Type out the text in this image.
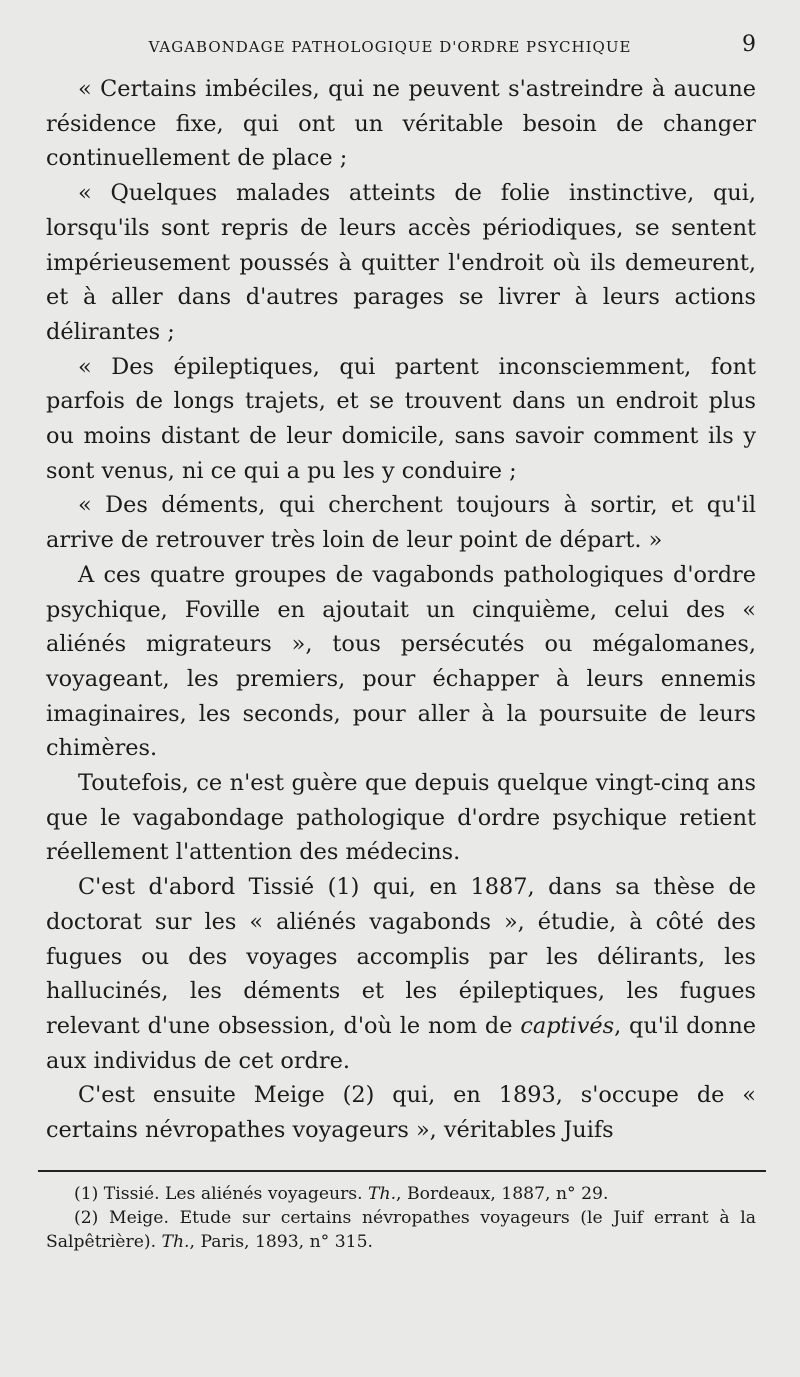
VAGABONDAGE PATHOLOGIQUE D'ORDRE PSYCHIQUE	9

« Certains imbéciles, qui ne peuvent s'astreindre à aucune résidence fixe, qui ont un véritable besoin de changer continuellement de place ;

« Quelques malades atteints de folie instinctive, qui, lorsqu'ils sont repris de leurs accès périodiques, se sentent impérieusement poussés à quitter l'endroit où ils demeurent, et à aller dans d'autres parages se livrer à leurs actions délirantes ;

« Des épileptiques, qui partent inconsciemment, font parfois de longs trajets, et se trouvent dans un endroit plus ou moins distant de leur domicile, sans savoir comment ils y sont venus, ni ce qui a pu les y conduire ;

« Des déments, qui cherchent toujours à sortir, et qu'il arrive de retrouver très loin de leur point de départ. »

A ces quatre groupes de vagabonds pathologiques d'ordre psychique, Foville en ajoutait un cinquième, celui des « aliénés migrateurs », tous persécutés ou mégalomanes, voyageant, les premiers, pour échapper à leurs ennemis imaginaires, les seconds, pour aller à la poursuite de leurs chimères.

Toutefois, ce n'est guère que depuis quelque vingt-cinq ans que le vagabondage pathologique d'ordre psychique retient réellement l'attention des médecins.

C'est d'abord Tissié (1) qui, en 1887, dans sa thèse de doctorat sur les « aliénés vagabonds », étudie, à côté des fugues ou des voyages accomplis par les délirants, les hallucinés, les déments et les épileptiques, les fugues relevant d'une obsession, d'où le nom de captivés, qu'il donne aux individus de cet ordre.

C'est ensuite Meige (2) qui, en 1893, s'occupe de « certains névropathes voyageurs », véritables Juifs

(1) Tissié. Les aliénés voyageurs. Th., Bordeaux, 1887, n° 29.

(2) Meige. Etude sur certains névropathes voyageurs (le Juif errant à la Salpêtrière). Th., Paris, 1893, n° 315.
